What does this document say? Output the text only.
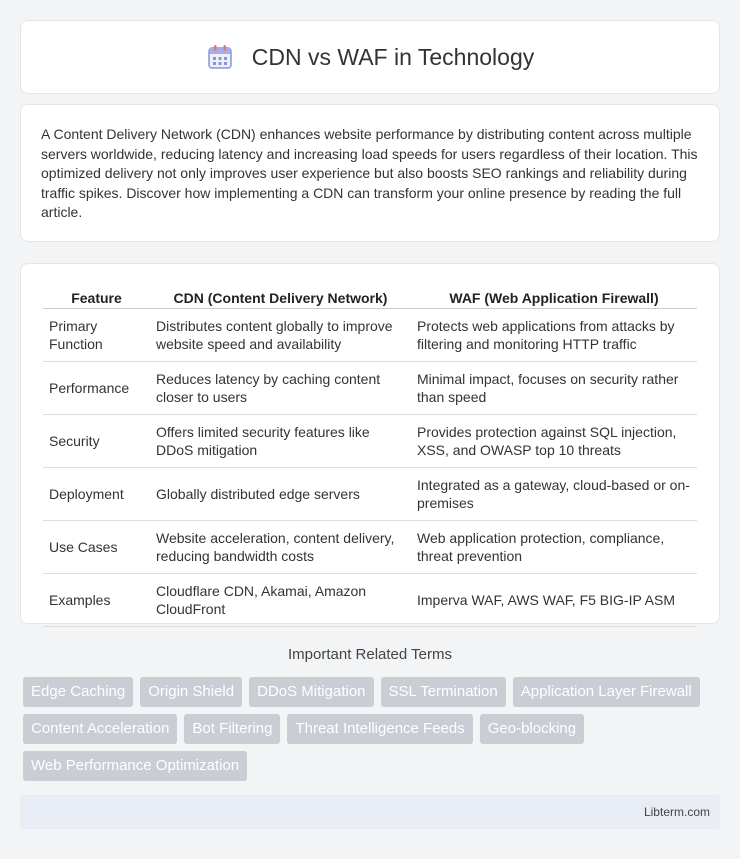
CDN vs WAF in Technology

A Content Delivery Network (CDN) enhances website performance by distributing content across multiple servers worldwide, reducing latency and increasing load speeds for users regardless of their location. This optimized delivery not only improves user experience but also boosts SEO rankings and reliability during traffic spikes. Discover how implementing a CDN can transform your online presence by reading the full article.

Feature	CDN (Content Delivery Network)	WAF (Web Application Firewall)
Primary Function	Distributes content globally to improve website speed and availability	Protects web applications from attacks by filtering and monitoring HTTP traffic
Performance	Reduces latency by caching content closer to users	Minimal impact, focuses on security rather than speed
Security	Offers limited security features like DDoS mitigation	Provides protection against SQL injection, XSS, and OWASP top 10 threats
Deployment	Globally distributed edge servers	Integrated as a gateway, cloud-based or on-premises
Use Cases	Website acceleration, content delivery, reducing bandwidth costs	Web application protection, compliance, threat prevention
Examples	Cloudflare CDN, Akamai, Amazon CloudFront	Imperva WAF, AWS WAF, F5 BIG-IP ASM
Important Related Terms
Edge Caching	Origin Shield	DDoS Mitigation	SSL Termination	Application Layer Firewall
Content Acceleration	Bot Filtering	Threat Intelligence Feeds	Geo-blocking
Web Performance Optimization
Libterm.com
